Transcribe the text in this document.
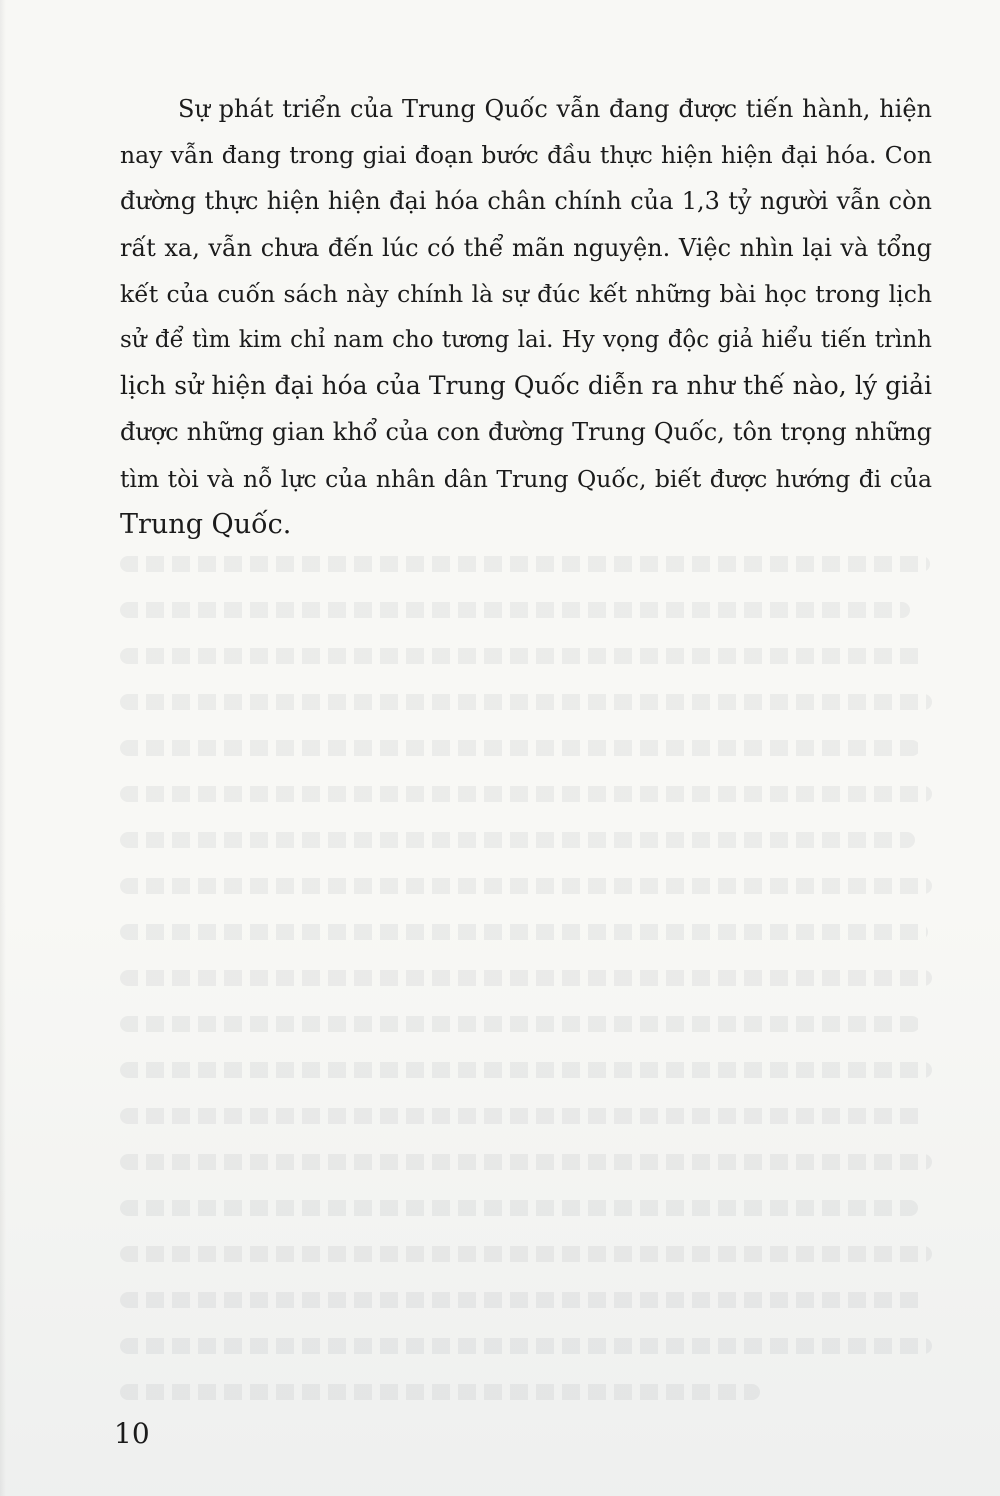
Sự phát triển của Trung Quốc vẫn đang được tiến hành, hiện
nay vẫn đang trong giai đoạn bước đầu thực hiện hiện đại hóa. Con
đường thực hiện hiện đại hóa chân chính của 1,3 tỷ người vẫn còn
rất xa, vẫn chưa đến lúc có thể mãn nguyện. Việc nhìn lại và tổng
kết của cuốn sách này chính là sự đúc kết những bài học trong lịch
sử để tìm kim chỉ nam cho tương lai. Hy vọng độc giả hiểu tiến trình
lịch sử hiện đại hóa của Trung Quốc diễn ra như thế nào, lý giải
được những gian khổ của con đường Trung Quốc, tôn trọng những
tìm tòi và nỗ lực của nhân dân Trung Quốc, biết được hướng đi của
Trung Quốc.
10
